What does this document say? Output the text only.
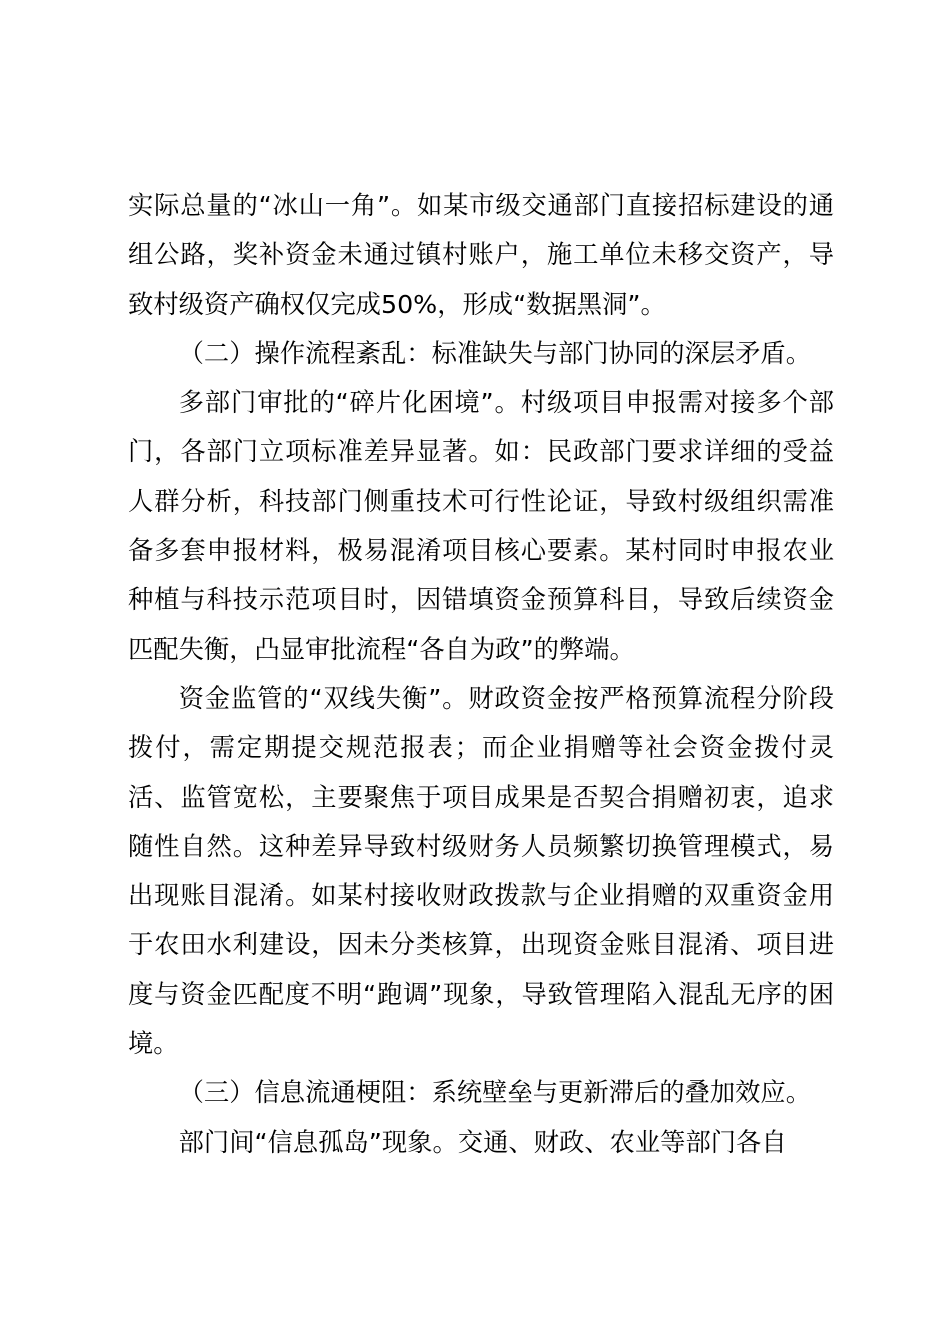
实际总量的“冰山一角”。如某市级交通部门直接招标建设的通组公路，奖补资金未通过镇村账户，施工单位未移交资产，导致村级资产确权仅完成50%，形成“数据黑洞”。

（二）操作流程紊乱：标准缺失与部门协同的深层矛盾。

多部门审批的“碎片化困境”。村级项目申报需对接多个部门，各部门立项标准差异显著。如：民政部门要求详细的受益人群分析，科技部门侧重技术可行性论证，导致村级组织需准备多套申报材料，极易混淆项目核心要素。某村同时申报农业种植与科技示范项目时，因错填资金预算科目，导致后续资金匹配失衡，凸显审批流程“各自为政”的弊端。

资金监管的“双线失衡”。财政资金按严格预算流程分阶段拨付，需定期提交规范报表；而企业捐赠等社会资金拨付灵活、监管宽松，主要聚焦于项目成果是否契合捐赠初衷，追求随性自然。这种差异导致村级财务人员频繁切换管理模式，易出现账目混淆。如某村接收财政拨款与企业捐赠的双重资金用于农田水利建设，因未分类核算，出现资金账目混淆、项目进度与资金匹配度不明“跑调”现象，导致管理陷入混乱无序的困境。

（三）信息流通梗阻：系统壁垒与更新滞后的叠加效应。

部门间“信息孤岛”现象。交通、财政、农业等部门各自
